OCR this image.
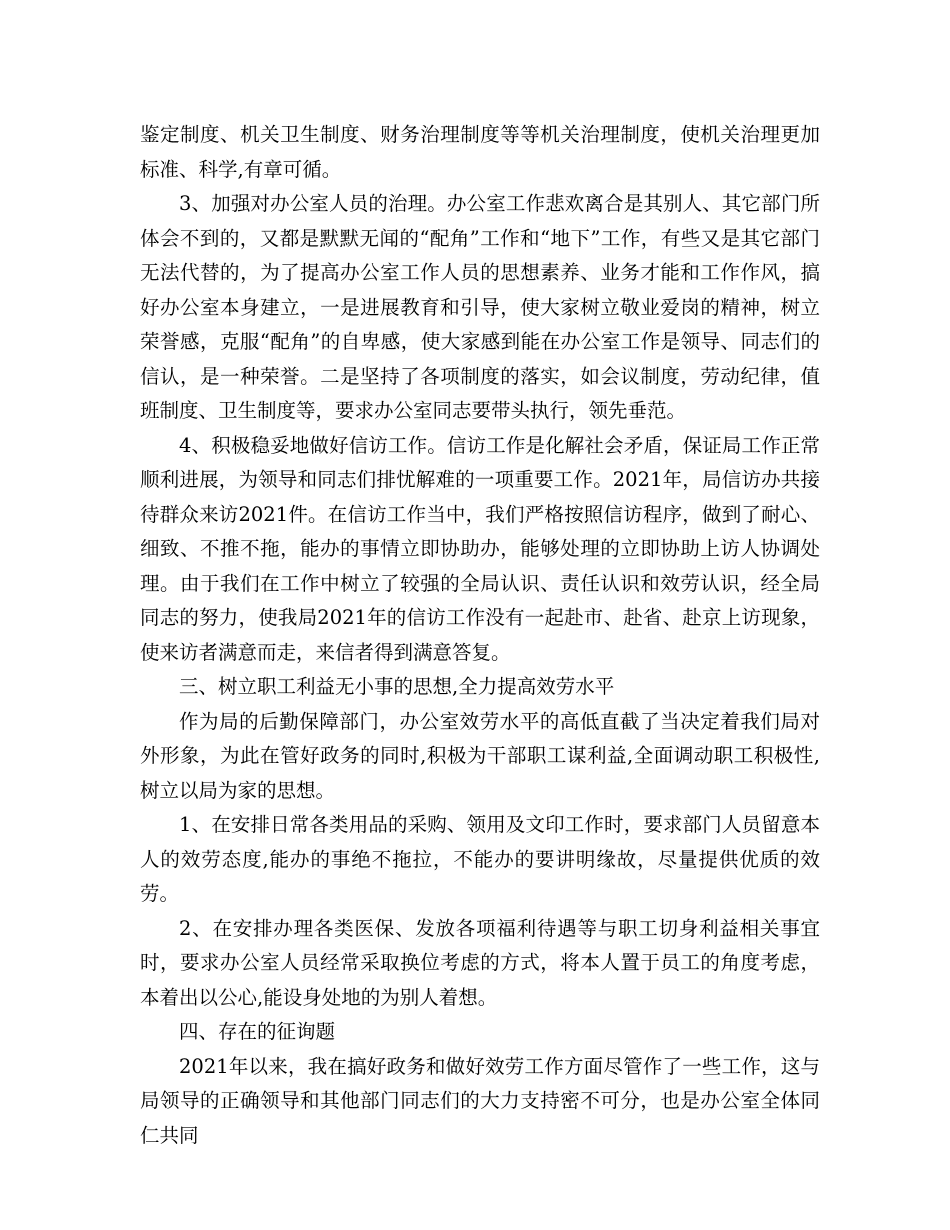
鉴定制度、机关卫生制度、财务治理制度等等机关治理制度，使机关治理更加标准、科学,有章可循。

3、加强对办公室人员的治理。办公室工作悲欢离合是其别人、其它部门所体会不到的，又都是默默无闻的“配角”工作和“地下”工作，有些又是其它部门无法代替的，为了提高办公室工作人员的思想素养、业务才能和工作作风，搞好办公室本身建立，一是进展教育和引导，使大家树立敬业爱岗的精神，树立荣誉感，克服“配角”的自卑感，使大家感到能在办公室工作是领导、同志们的信认，是一种荣誉。二是坚持了各项制度的落实，如会议制度，劳动纪律，值班制度、卫生制度等，要求办公室同志要带头执行，领先垂范。

4、积极稳妥地做好信访工作。信访工作是化解社会矛盾，保证局工作正常顺利进展，为领导和同志们排忧解难的一项重要工作。2021年，局信访办共接待群众来访2021件。在信访工作当中，我们严格按照信访程序，做到了耐心、细致、不推不拖，能办的事情立即协助办，能够处理的立即协助上访人协调处理。由于我们在工作中树立了较强的全局认识、责任认识和效劳认识，经全局同志的努力，使我局2021年的信访工作没有一起赴市、赴省、赴京上访现象，使来访者满意而走，来信者得到满意答复。

三、树立职工利益无小事的思想,全力提高效劳水平

作为局的后勤保障部门，办公室效劳水平的高低直截了当决定着我们局对外形象，为此在管好政务的同时,积极为干部职工谋利益,全面调动职工积极性,树立以局为家的思想。

1、在安排日常各类用品的采购、领用及文印工作时，要求部门人员留意本人的效劳态度,能办的事绝不拖拉，不能办的要讲明缘故，尽量提供优质的效劳。

2、在安排办理各类医保、发放各项福利待遇等与职工切身利益相关事宜时，要求办公室人员经常采取换位考虑的方式，将本人置于员工的角度考虑，本着出以公心,能设身处地的为别人着想。

四、存在的征询题

2021年以来，我在搞好政务和做好效劳工作方面尽管作了一些工作，这与局领导的正确领导和其他部门同志们的大力支持密不可分，也是办公室全体同仁共同
